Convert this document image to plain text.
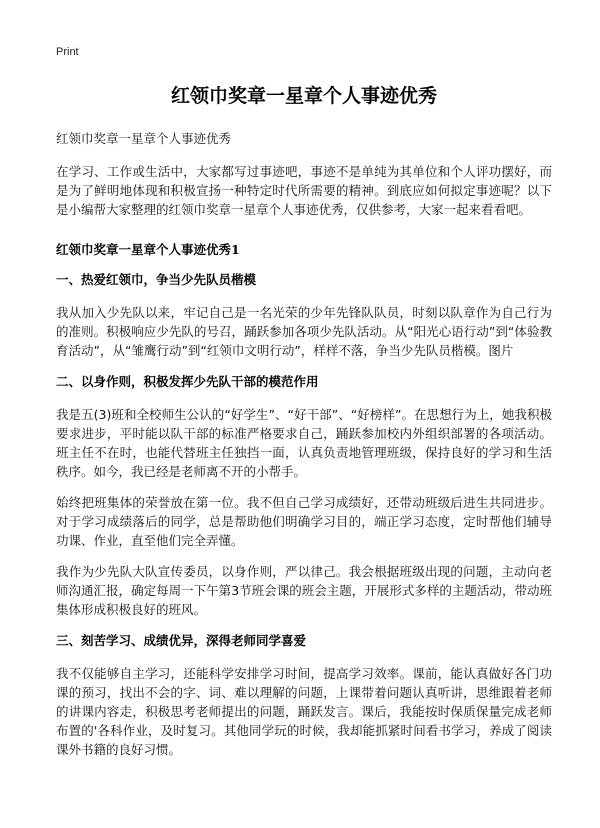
Print
红领巾奖章一星章个人事迹优秀
红领巾奖章一星章个人事迹优秀

在学习、工作或生活中，大家都写过事迹吧，事迹不是单纯为其单位和个人评功摆好，而是为了鲜明地体现和积极宣扬一种特定时代所需要的精神。到底应如何拟定事迹呢？以下是小编帮大家整理的红领巾奖章一星章个人事迹优秀，仅供参考，大家一起来看看吧。

红领巾奖章一星章个人事迹优秀1
一、热爱红领巾，争当少先队员楷模

我从加入少先队以来，牢记自己是一名光荣的少年先锋队队员，时刻以队章作为自己行为的准则。积极响应少先队的号召，踊跃参加各项少先队活动。从“阳光心语行动”到“体验教育活动”，从“雏鹰行动”到“红领巾文明行动”，样样不落，争当少先队员楷模。图片

二、以身作则，积极发挥少先队干部的模范作用

我是五(3)班和全校师生公认的“好学生”、“好干部”、“好榜样”。在思想行为上，她我积极要求进步，平时能以队干部的标准严格要求自己，踊跃参加校内外组织部署的各项活动。班主任不在时，也能代替班主任独挡一面，认真负责地管理班级，保持良好的学习和生活秩序。如今，我已经是老师离不开的小帮手。

始终把班集体的荣誉放在第一位。我不但自己学习成绩好，还带动班级后进生共同进步。对于学习成绩落后的同学，总是帮助他们明确学习目的，端正学习态度，定时帮他们辅导功课、作业，直至他们完全弄懂。

我作为少先队大队宣传委员，以身作则，严以律己。我会根据班级出现的问题，主动向老师沟通汇报，确定每周一下午第3节班会课的班会主题，开展形式多样的主题活动，带动班集体形成积极良好的班风。

三、刻苦学习、成绩优异，深得老师同学喜爱

我不仅能够自主学习，还能科学安排学习时间，提高学习效率。课前，能认真做好各门功课的预习，找出不会的字、词、难以理解的问题，上课带着问题认真听讲，思维跟着老师的讲课内容走，积极思考老师提出的问题，踊跃发言。课后，我能按时保质保量完成老师布置的'各科作业，及时复习。其他同学玩的时候，我却能抓紧时间看书学习，养成了阅读课外书籍的良好习惯。
